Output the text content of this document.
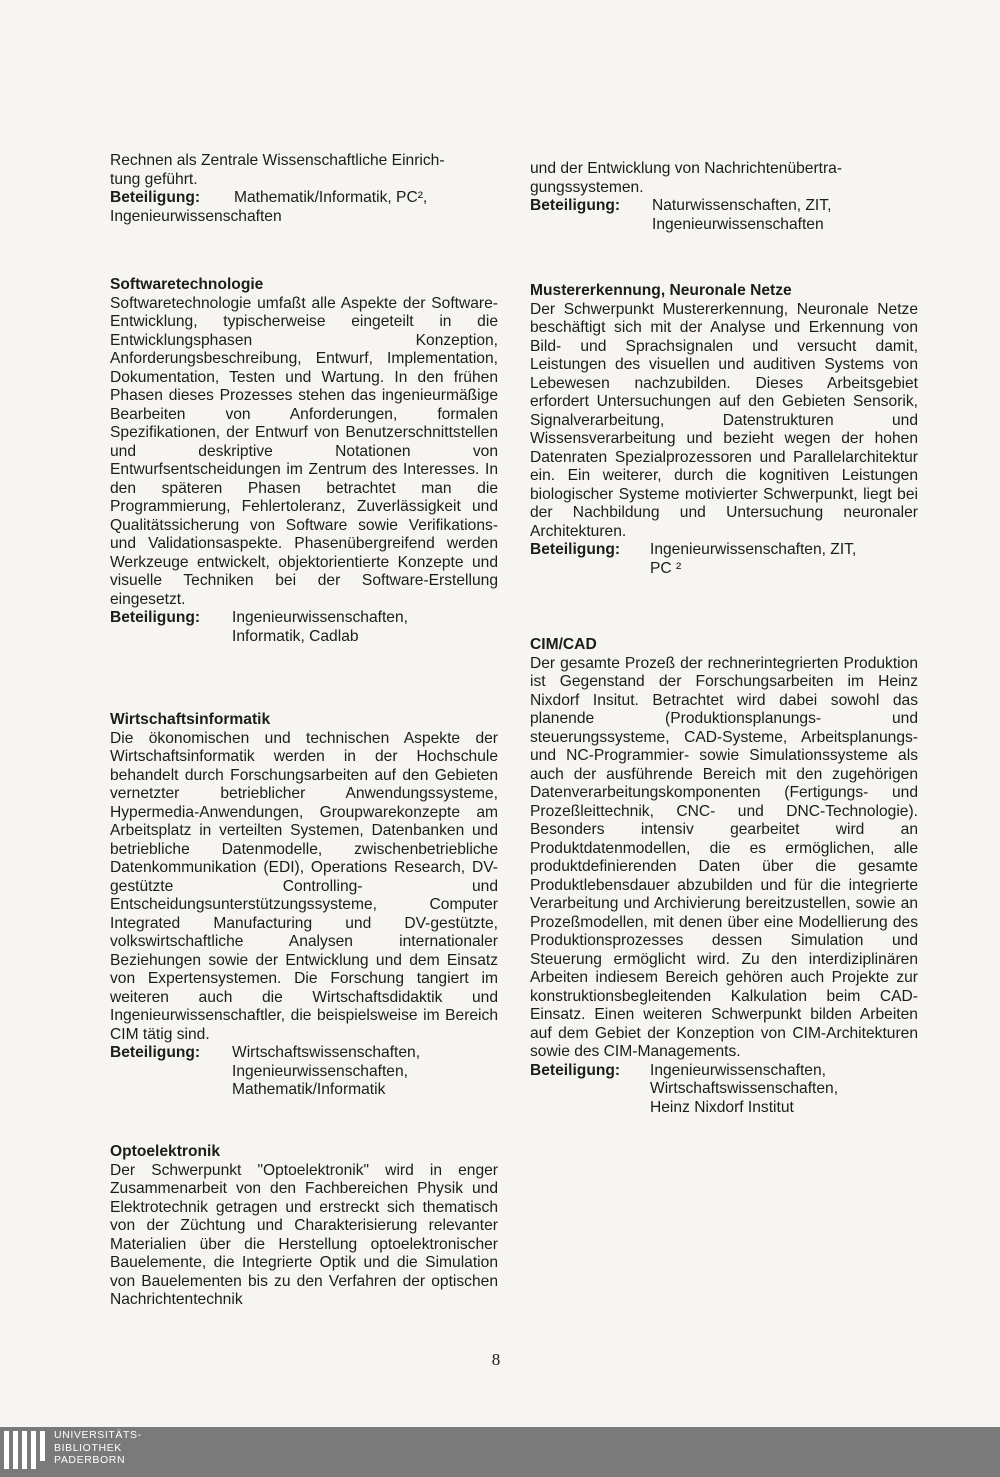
Rechnen als Zentrale Wissenschaftliche Einrich-
tung geführt.
Beteiligung:	Mathematik/Informatik, PC²,
Ingenieurwissenschaften
Softwaretechnologie

Softwaretechnologie umfaßt alle Aspekte der Software-Entwicklung, typischerweise eingeteilt in die Entwicklungsphasen Konzeption, Anforderungsbeschreibung, Entwurf, Implementation, Dokumentation, Testen und Wartung. In den frühen Phasen dieses Prozesses stehen das ingenieurmäßige Bearbeiten von Anforderungen, formalen Spezifikationen, der Entwurf von Benutzerschnittstellen und deskriptive Notationen von Entwurfsentscheidungen im Zentrum des Interesses. In den späteren Phasen betrachtet man die Programmierung, Fehlertoleranz, Zuverlässigkeit und Qualitätssicherung von Software sowie Verifikations- und Validationsaspekte. Phasenübergreifend werden Werkzeuge entwickelt, objektorientierte Konzepte und visuelle Techniken bei der Software-Erstellung eingesetzt.

Beteiligung:	Ingenieurwissenschaften,
Informatik, Cadlab
Wirtschaftsinformatik

Die ökonomischen und technischen Aspekte der Wirtschaftsinformatik werden in der Hochschule behandelt durch Forschungsarbeiten auf den Gebieten vernetzter betrieblicher Anwendungssysteme, Hypermedia-Anwendungen, Groupwarekonzepte am Arbeitsplatz in verteilten Systemen, Datenbanken und betriebliche Datenmodelle, zwischenbetriebliche Datenkommunikation (EDI), Operations Research, DV-gestützte Controlling- und Entscheidungsunterstützungssysteme, Computer Integrated Manufacturing und DV-gestützte, volkswirtschaftliche Analysen internationaler Beziehungen sowie der Entwicklung und dem Einsatz von Expertensystemen. Die Forschung tangiert im weiteren auch die Wirtschaftsdidaktik und Ingenieurwissenschaftler, die beispielsweise im Bereich CIM tätig sind.

Beteiligung:	Wirtschaftswissenschaften,
Ingenieurwissenschaften,
Mathematik/Informatik
Optoelektronik

Der Schwerpunkt "Optoelektronik" wird in enger Zusammenarbeit von den Fachbereichen Physik und Elektrotechnik getragen und erstreckt sich thematisch von der Züchtung und Charakterisierung relevanter Materialien über die Herstellung optoelektronischer Bauelemente, die Integrierte Optik und die Simulation von Bauelementen bis zu den Verfahren der optischen Nachrichtentechnik

und der Entwicklung von Nachrichtenübertra-
gungssystemen.
Beteiligung:	Naturwissenschaften, ZIT,
Ingenieurwissenschaften
Mustererkennung, Neuronale Netze

Der Schwerpunkt Mustererkennung, Neuronale Netze beschäftigt sich mit der Analyse und Erkennung von Bild- und Sprachsignalen und versucht damit, Leistungen des visuellen und auditiven Systems von Lebewesen nachzubilden. Dieses Arbeitsgebiet erfordert Untersuchungen auf den Gebieten Sensorik, Signalverarbeitung, Datenstrukturen und Wissensverarbeitung und bezieht wegen der hohen Datenraten Spezialprozessoren und Parallelarchitektur ein. Ein weiterer, durch die kognitiven Leistungen biologischer Systeme motivierter Schwerpunkt, liegt bei der Nachbildung und Untersuchung neuronaler Architekturen.

Beteiligung:	Ingenieurwissenschaften, ZIT,
PC ²
CIM/CAD

Der gesamte Prozeß der rechnerintegrierten Produktion ist Gegenstand der Forschungsarbeiten im Heinz Nixdorf Insitut. Betrachtet wird dabei sowohl das planende (Produktionsplanungs- und steuerungssysteme, CAD-Systeme, Arbeitsplanungs- und NC-Programmier- sowie Simulationssysteme als auch der ausführende Bereich mit den zugehörigen Datenverarbeitungskomponenten (Fertigungs- und Prozeßleittechnik, CNC- und DNC-Technologie). Besonders intensiv gearbeitet wird an Produktdatenmodellen, die es ermöglichen, alle produktdefinierenden Daten über die gesamte Produktlebensdauer abzubilden und für die integrierte Verarbeitung und Archivierung bereitzustellen, sowie an Prozeßmodellen, mit denen über eine Modellierung des Produktionsprozesses dessen Simulation und Steuerung ermöglicht wird. Zu den interdiziplinären Arbeiten indiesem Bereich gehören auch Projekte zur konstruktionsbegleitenden Kalkulation beim CAD-Einsatz. Einen weiteren Schwerpunkt bilden Arbeiten auf dem Gebiet der Konzeption von CIM-Architekturen sowie des CIM-Managements.

Beteiligung:	Ingenieurwissenschaften,
Wirtschaftswissenschaften,
Heinz Nixdorf Institut
8
UNIVERSITÄTS-
BIBLIOTHEK
PADERBORN
